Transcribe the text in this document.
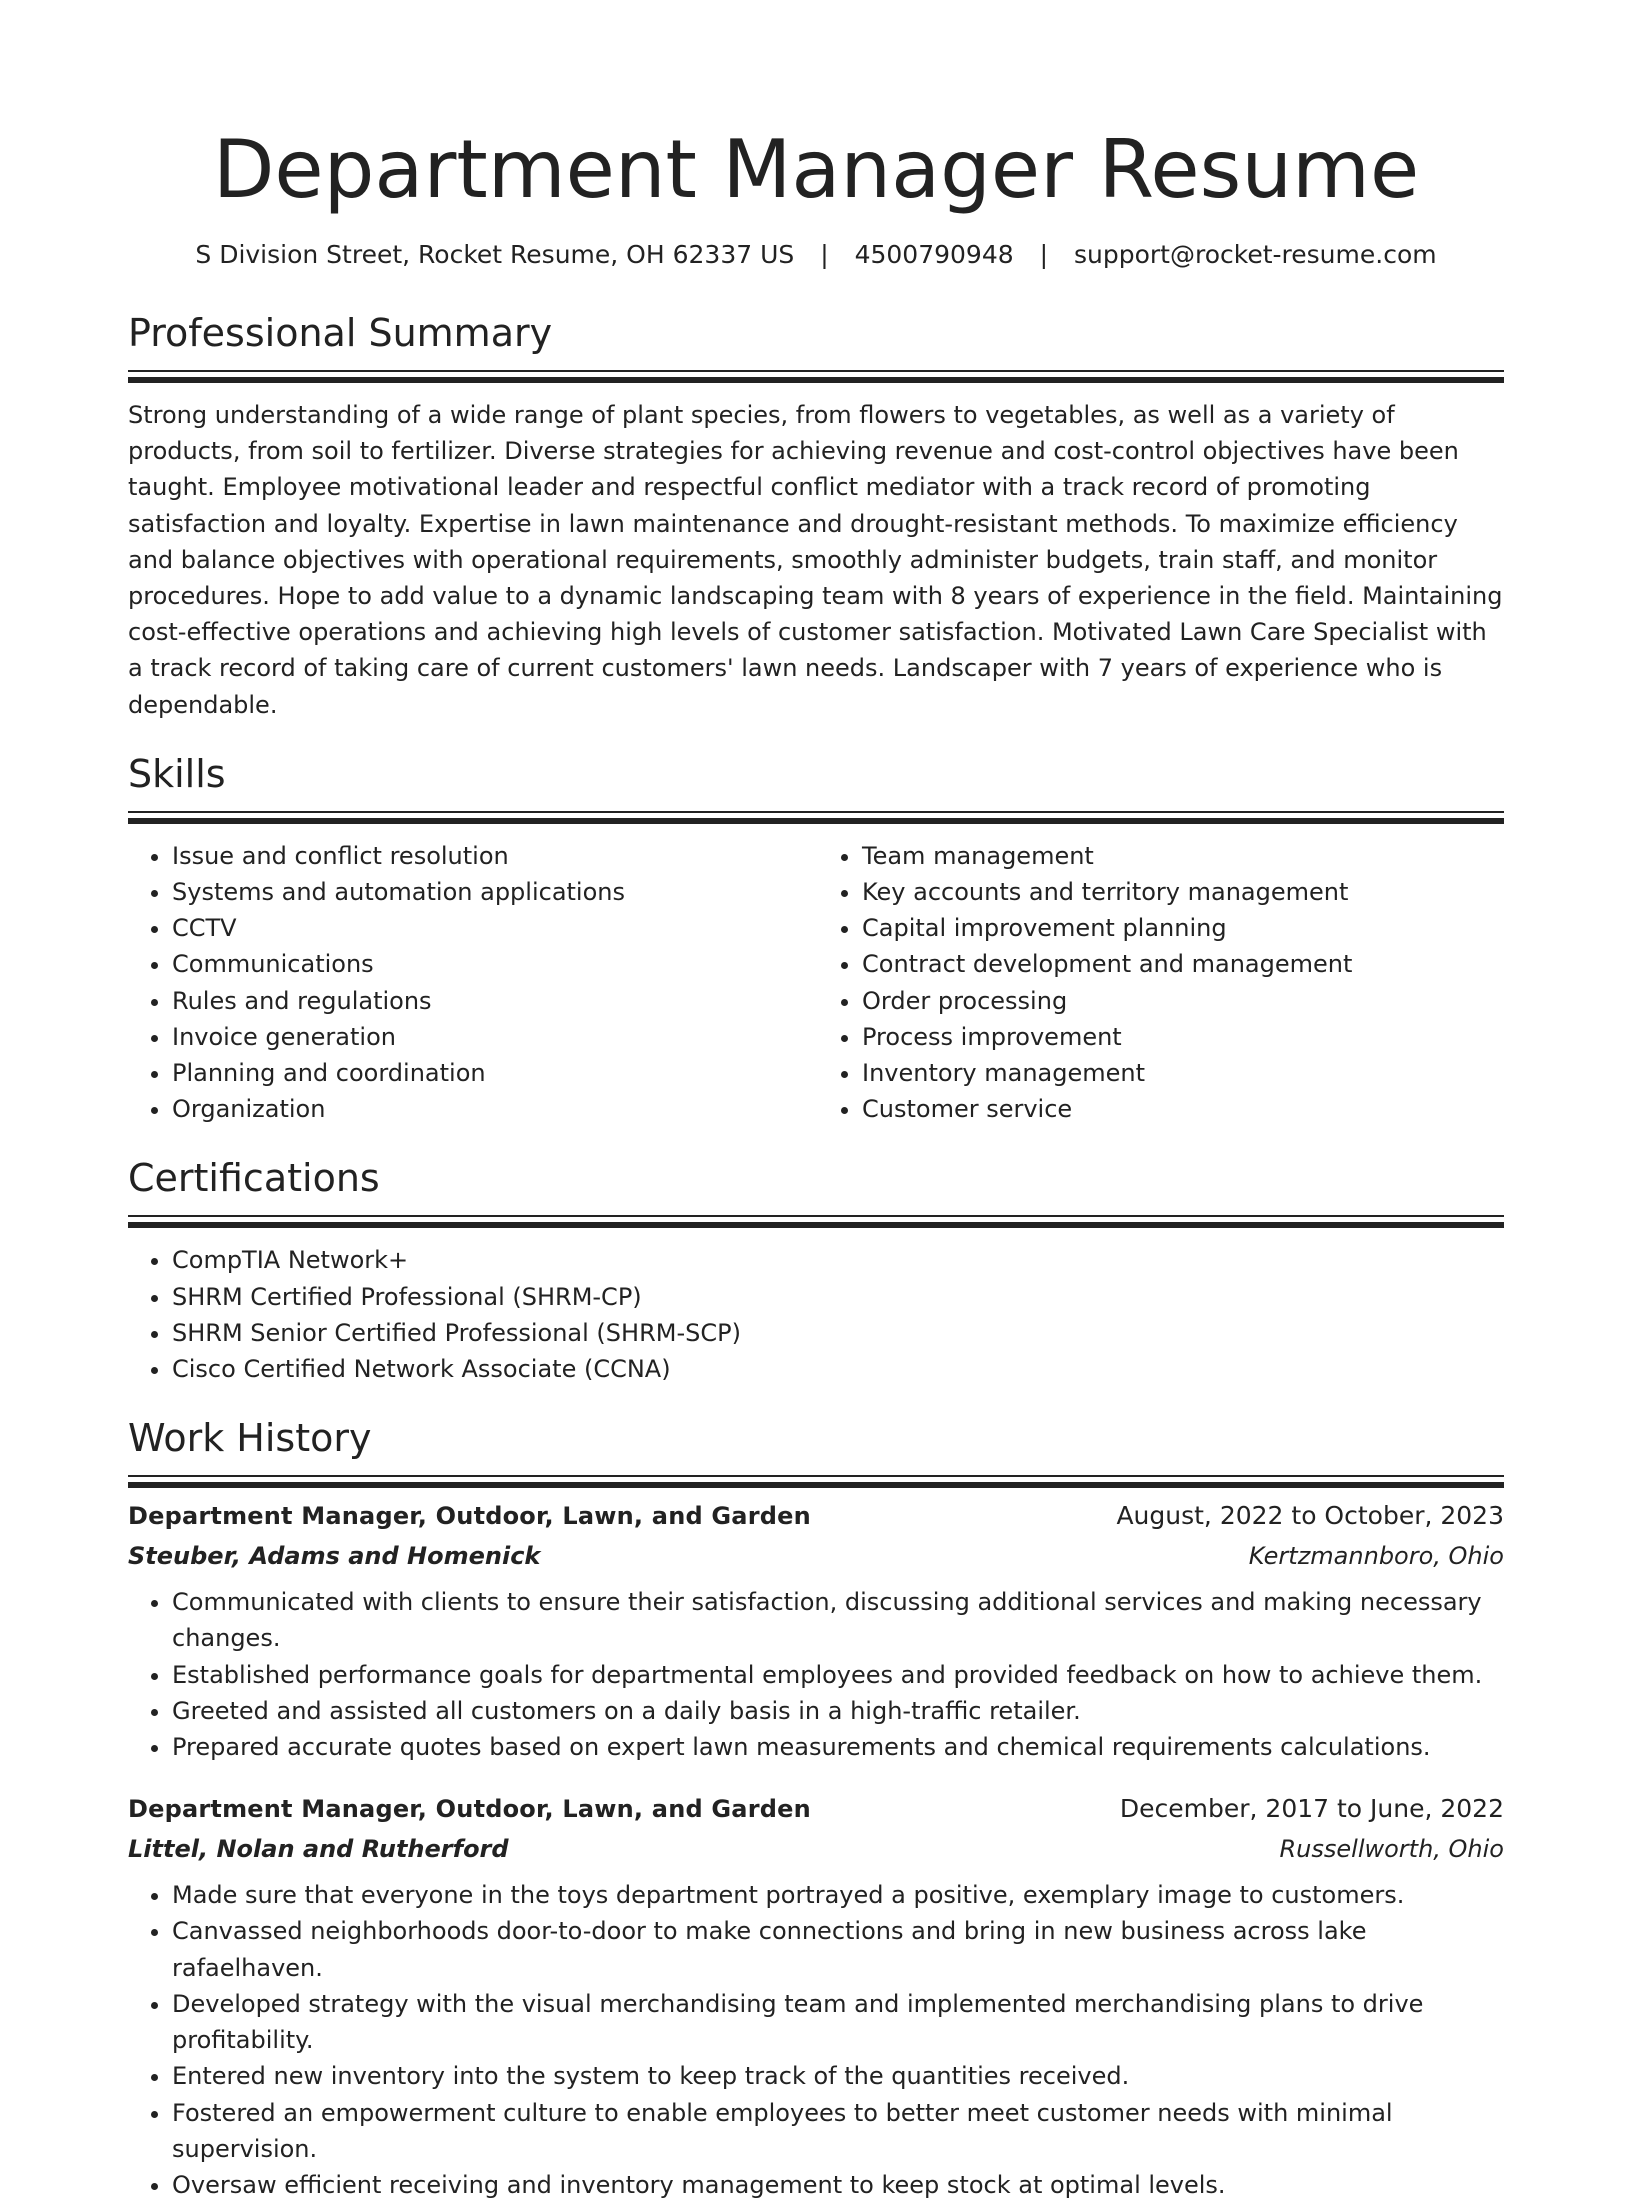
Department Manager Resume
S Division Street, Rocket Resume, OH 62337 US | 4500790948 | support@rocket-resume.com
Professional Summary

Strong understanding of a wide range of plant species, from flowers to vegetables, as well as a variety of products, from soil to fertilizer. Diverse strategies for achieving revenue and cost-control objectives have been taught. Employee motivational leader and respectful conflict mediator with a track record of promoting satisfaction and loyalty. Expertise in lawn maintenance and drought-resistant methods. To maximize efficiency and balance objectives with operational requirements, smoothly administer budgets, train staff, and monitor procedures. Hope to add value to a dynamic landscaping team with 8 years of experience in the field. Maintaining cost-effective operations and achieving high levels of customer satisfaction. Motivated Lawn Care Specialist with a track record of taking care of current customers' lawn needs. Landscaper with 7 years of experience who is dependable.

Skills
• Issue and conflict resolution
• Systems and automation applications
• CCTV
• Communications
• Rules and regulations
• Invoice generation
• Planning and coordination
• Organization
• Team management
• Key accounts and territory management
• Capital improvement planning
• Contract development and management
• Order processing
• Process improvement
• Inventory management
• Customer service
Certifications
• CompTIA Network+
• SHRM Certified Professional (SHRM-CP)
• SHRM Senior Certified Professional (SHRM-SCP)
• Cisco Certified Network Associate (CCNA)
Work History
Department Manager, Outdoor, Lawn, and Garden	August, 2022 to October, 2023
Steuber, Adams and Homenick	Kertzmannboro, Ohio
• Communicated with clients to ensure their satisfaction, discussing additional services and making necessary changes.
• Established performance goals for departmental employees and provided feedback on how to achieve them.
• Greeted and assisted all customers on a daily basis in a high-traffic retailer.
• Prepared accurate quotes based on expert lawn measurements and chemical requirements calculations.
Department Manager, Outdoor, Lawn, and Garden	December, 2017 to June, 2022
Littel, Nolan and Rutherford	Russellworth, Ohio
• Made sure that everyone in the toys department portrayed a positive, exemplary image to customers.
• Canvassed neighborhoods door-to-door to make connections and bring in new business across lake rafaelhaven.
• Developed strategy with the visual merchandising team and implemented merchandising plans to drive profitability.
• Entered new inventory into the system to keep track of the quantities received.
• Fostered an empowerment culture to enable employees to better meet customer needs with minimal supervision.
• Oversaw efficient receiving and inventory management to keep stock at optimal levels.
